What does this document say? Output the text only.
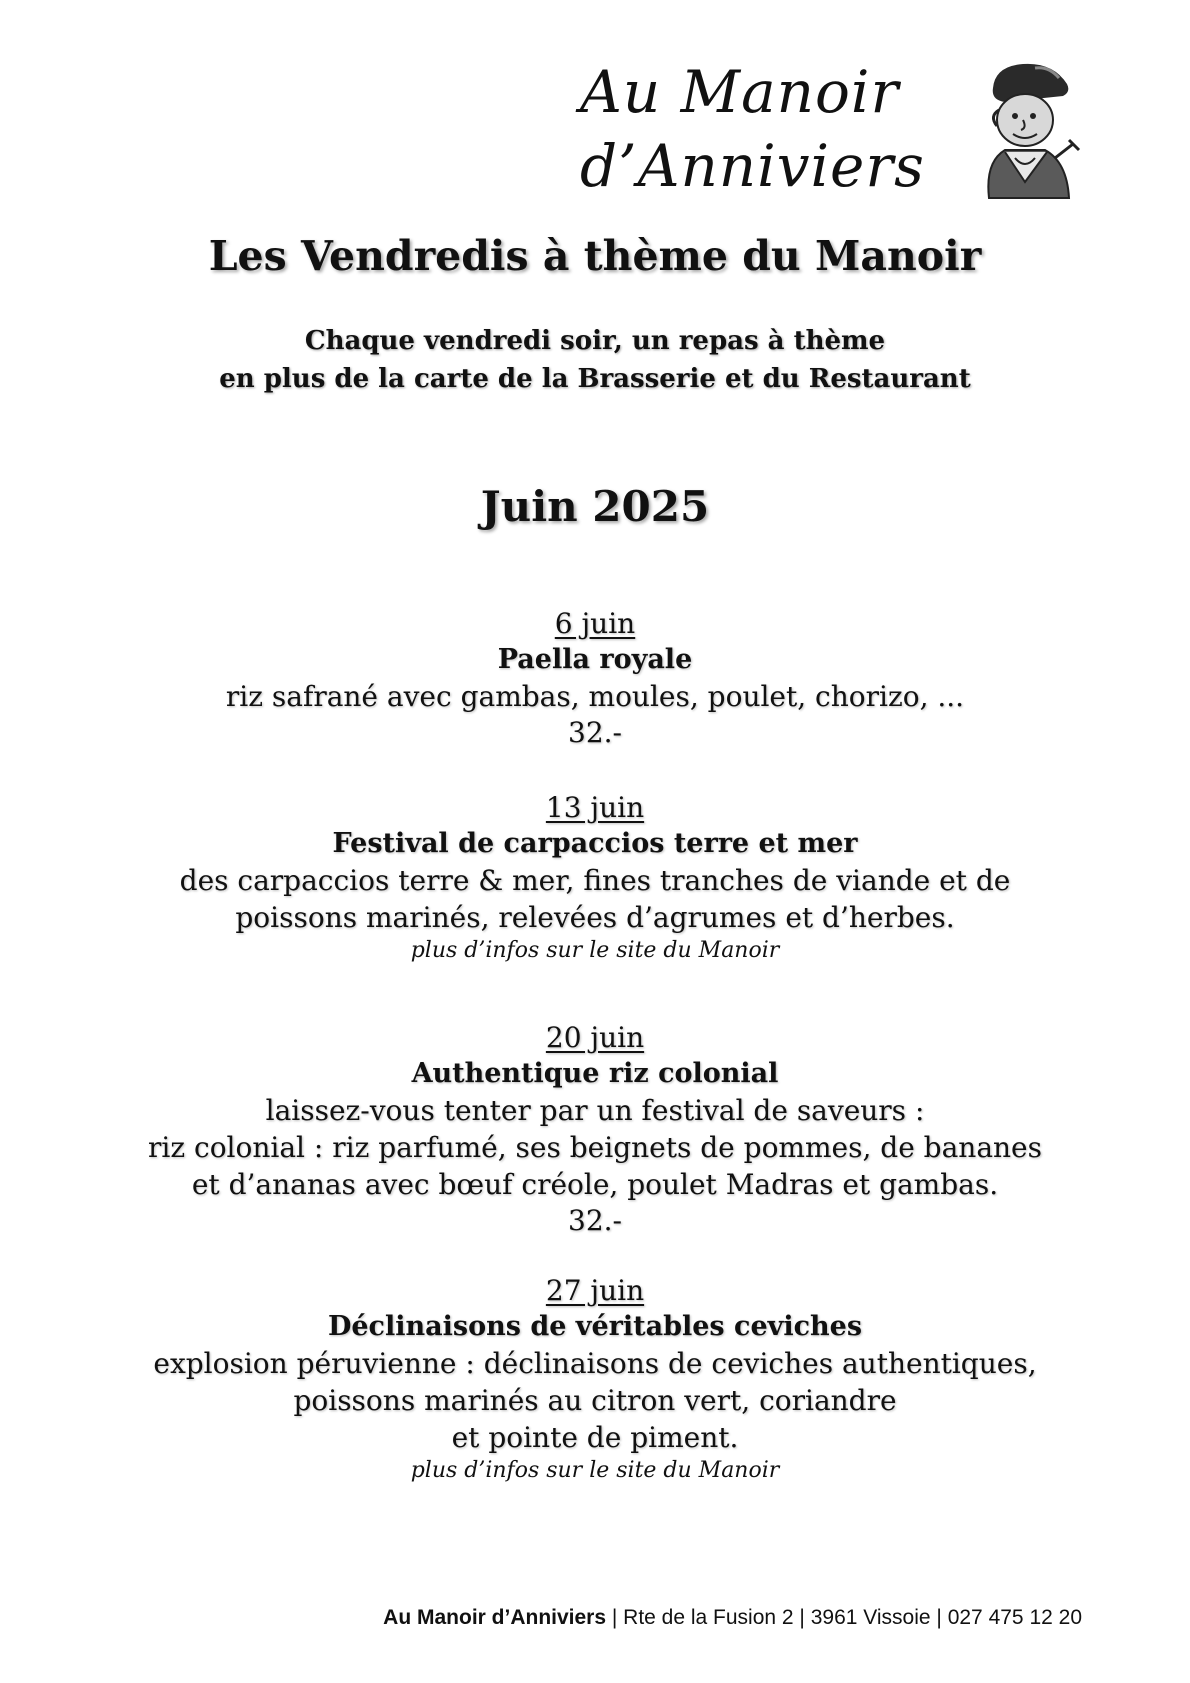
Au Manoir
d’Anniviers
Les Vendredis à thème du Manoir
Chaque vendredi soir, un repas à thème
en plus de la carte de la Brasserie et du Restaurant
Juin 2025
6 juin
Paella royale
riz safrané avec gambas, moules, poulet, chorizo, ...
32.-
13 juin
Festival de carpaccios terre et mer
des carpaccios terre & mer, fines tranches de viande et de
poissons marinés, relevées d’agrumes et d’herbes.
plus d’infos sur le site du Manoir
20 juin
Authentique riz colonial
laissez-vous tenter par un festival de saveurs :
riz colonial : riz parfumé, ses beignets de pommes, de bananes
et d’ananas avec bœuf créole, poulet Madras et gambas.
32.-
27 juin
Déclinaisons de véritables ceviches
explosion péruvienne : déclinaisons de ceviches authentiques,
poissons marinés au citron vert, coriandre
et pointe de piment.
plus d’infos sur le site du Manoir
Au Manoir d’Anniviers | Rte de la Fusion 2 | 3961 Vissoie | 027 475 12 20
